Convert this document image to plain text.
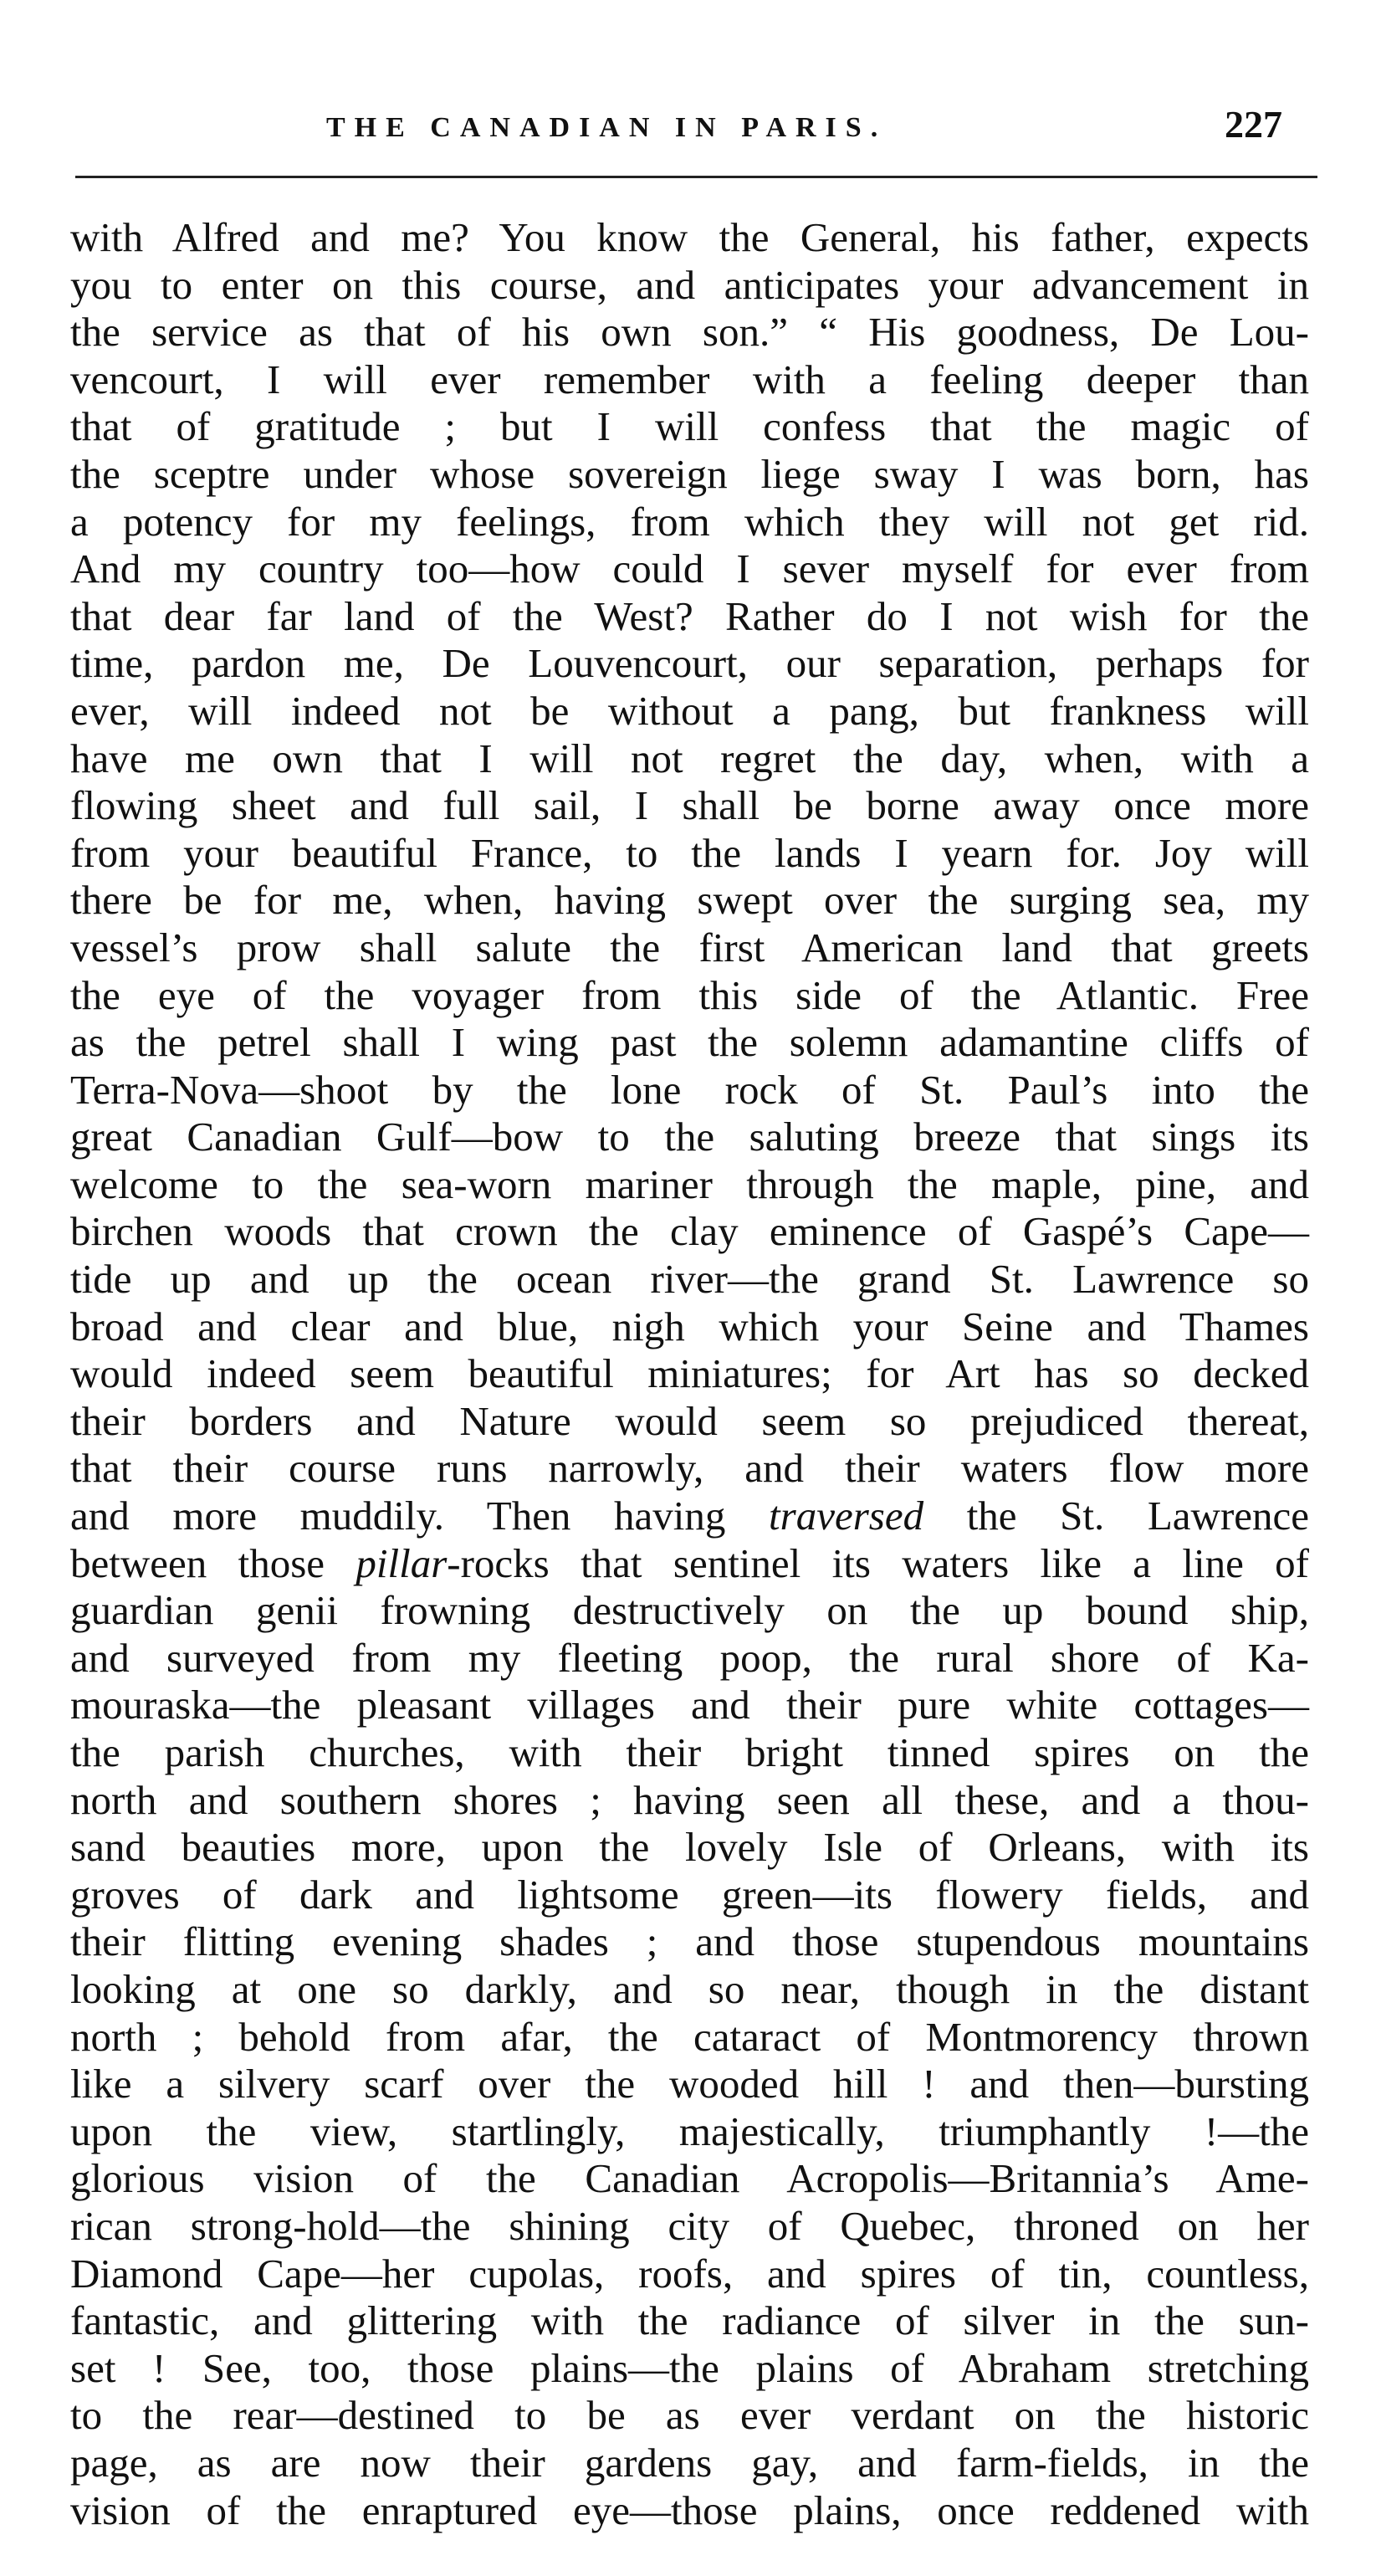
THE CANADIAN IN PARIS.	227
with Alfred and me? You know the General, his father, expects
you to enter on this course, and anticipates your advancement in
the service as that of his own son.” “ His goodness, De Lou-
vencourt, I will ever remember with a feeling deeper than
that of gratitude ; but I will confess that the magic of
the sceptre under whose sovereign liege sway I was born, has
a potency for my feelings, from which they will not get rid.
And my country too—how could I sever myself for ever from
that dear far land of the West? Rather do I not wish for the
time, pardon me, De Louvencourt, our separation, perhaps for
ever, will indeed not be without a pang, but frankness will
have me own that I will not regret the day, when, with a
flowing sheet and full sail, I shall be borne away once more
from your beautiful France, to the lands I yearn for. Joy will
there be for me, when, having swept over the surging sea, my
vessel’s prow shall salute the first American land that greets
the eye of the voyager from this side of the Atlantic. Free
as the petrel shall I wing past the solemn adamantine cliffs of
Terra-Nova—shoot by the lone rock of St. Paul’s into the
great Canadian Gulf—bow to the saluting breeze that sings its
welcome to the sea-worn mariner through the maple, pine, and
birchen woods that crown the clay eminence of Gaspé’s Cape—
tide up and up the ocean river—the grand St. Lawrence so
broad and clear and blue, nigh which your Seine and Thames
would indeed seem beautiful miniatures; for Art has so decked
their borders and Nature would seem so prejudiced thereat,
that their course runs narrowly, and their waters flow more
and more muddily. Then having traversed the St. Lawrence
between those pillar-rocks that sentinel its waters like a line of
guardian genii frowning destructively on the up bound ship,
and surveyed from my fleeting poop, the rural shore of Ka-
mouraska—the pleasant villages and their pure white cottages—
the parish churches, with their bright tinned spires on the
north and southern shores ; having seen all these, and a thou-
sand beauties more, upon the lovely Isle of Orleans, with its
groves of dark and lightsome green—its flowery fields, and
their flitting evening shades ; and those stupendous mountains
looking at one so darkly, and so near, though in the distant
north ; behold from afar, the cataract of Montmorency thrown
like a silvery scarf over the wooded hill ! and then—bursting
upon the view, startlingly, majestically, triumphantly !—the
glorious vision of the Canadian Acropolis—Britannia’s Ame-
rican strong-hold—the shining city of Quebec, throned on her
Diamond Cape—her cupolas, roofs, and spires of tin, countless,
fantastic, and glittering with the radiance of silver in the sun-
set ! See, too, those plains—the plains of Abraham stretching
to the rear—destined to be as ever verdant on the historic
page, as are now their gardens gay, and farm-fields, in the
vision of the enraptured eye—those plains, once reddened with
